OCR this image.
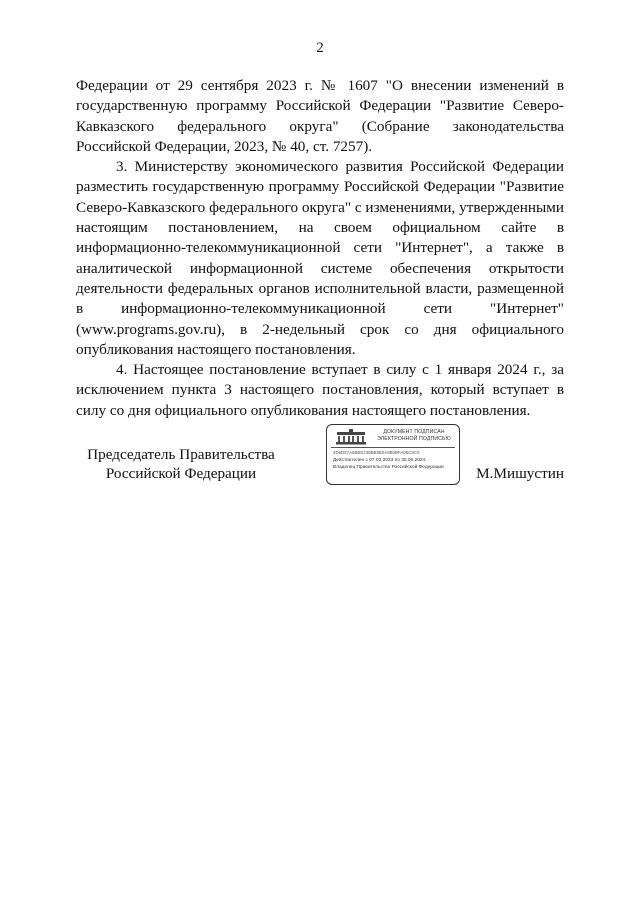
2

Федерации от 29 сентября 2023 г. № 1607 "О внесении изменений в государственную программу Российской Федерации "Развитие Северо-Кавказского федерального округа" (Собрание законодательства Российской Федерации, 2023, № 40, ст. 7257).

3. Министерству экономического развития Российской Федерации разместить государственную программу Российской Федерации "Развитие Северо-Кавказского федерального округа" с изменениями, утвержденными настоящим постановлением, на своем официальном сайте в информационно-телекоммуникационной сети "Интернет", а также в аналитической информационной системе обеспечения открытости деятельности федеральных органов исполнительной власти, размещенной в информационно-телекоммуникационной сети "Интернет" (www.programs.gov.ru), в 2-недельный срок со дня официального опубликования настоящего постановления.

4. Настоящее постановление вступает в силу с 1 января 2024 г., за исключением пункта 3 настоящего постановления, который вступает в силу со дня официального опубликования настоящего постановления.

Председатель Правительства
Российской Федерации
ДОКУМЕНТ ПОДПИСАН
ЭЛЕКТРОННОЙ ПОДПИСЬЮ
4D6D57A6BBE239BB8B0A8B0BFA05C8C0
Действителен с 07.03.2023 по 30.05.2024
Владелец Правительство Российской Федерации	М.Мишустин
